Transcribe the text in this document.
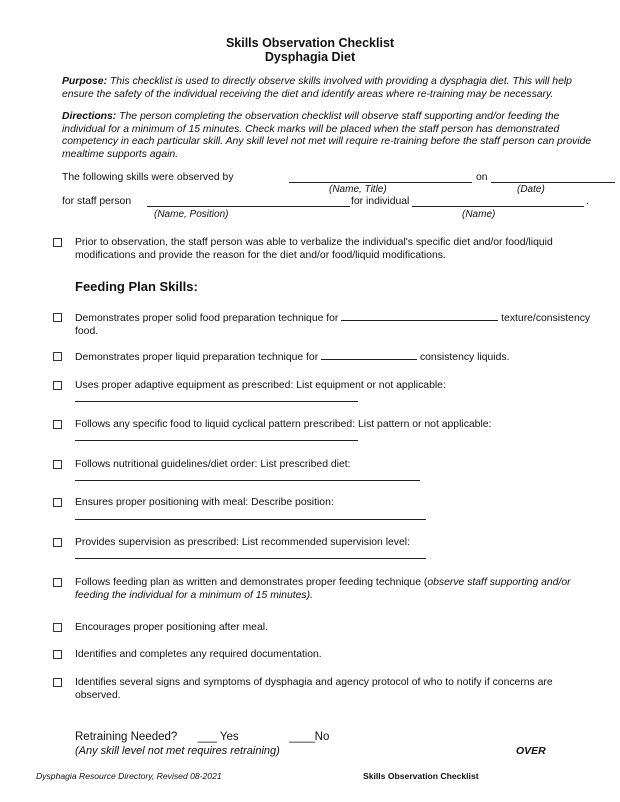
Skills Observation Checklist
Dysphagia Diet
Purpose: This checklist is used to directly observe skills involved with providing a dysphagia diet. This will help ensure the safety of the individual receiving the diet and identify areas where re-training may be necessary.
Directions: The person completing the observation checklist will observe staff supporting and/or feeding the individual for a minimum of 15 minutes. Check marks will be placed when the staff person has demonstrated competency in each particular skill. Any skill level not met will require re-training before the staff person can provide mealtime supports again.
The following skills were observed by	on
(Name, Title)	(Date)
for staff person	for individual	.
(Name, Position)	(Name)
Prior to observation, the staff person was able to verbalize the individual's specific diet and/or food/liquid modifications and provide the reason for the diet and/or food/liquid modifications.
Feeding Plan Skills:
Demonstrates proper solid food preparation technique for	texture/consistency food.
Demonstrates proper liquid preparation technique for	consistency liquids.
Uses proper adaptive equipment as prescribed: List equipment or not applicable:
Follows any specific food to liquid cyclical pattern prescribed: List pattern or not applicable:
Follows nutritional guidelines/diet order: List prescribed diet:
Ensures proper positioning with meal: Describe position:
Provides supervision as prescribed: List recommended supervision level:
Follows feeding plan as written and demonstrates proper feeding technique (observe staff supporting and/or feeding the individual for a minimum of 15 minutes).
Encourages proper positioning after meal.
Identifies and completes any required documentation.
Identifies several signs and symptoms of dysphagia and agency protocol of who to notify if concerns are observed.
Retraining Needed? ___ Yes	____No
(Any skill level not met requires retraining)	OVER
Dysphagia Resource Directory, Revised 08-2021	Skills Observation Checklist
